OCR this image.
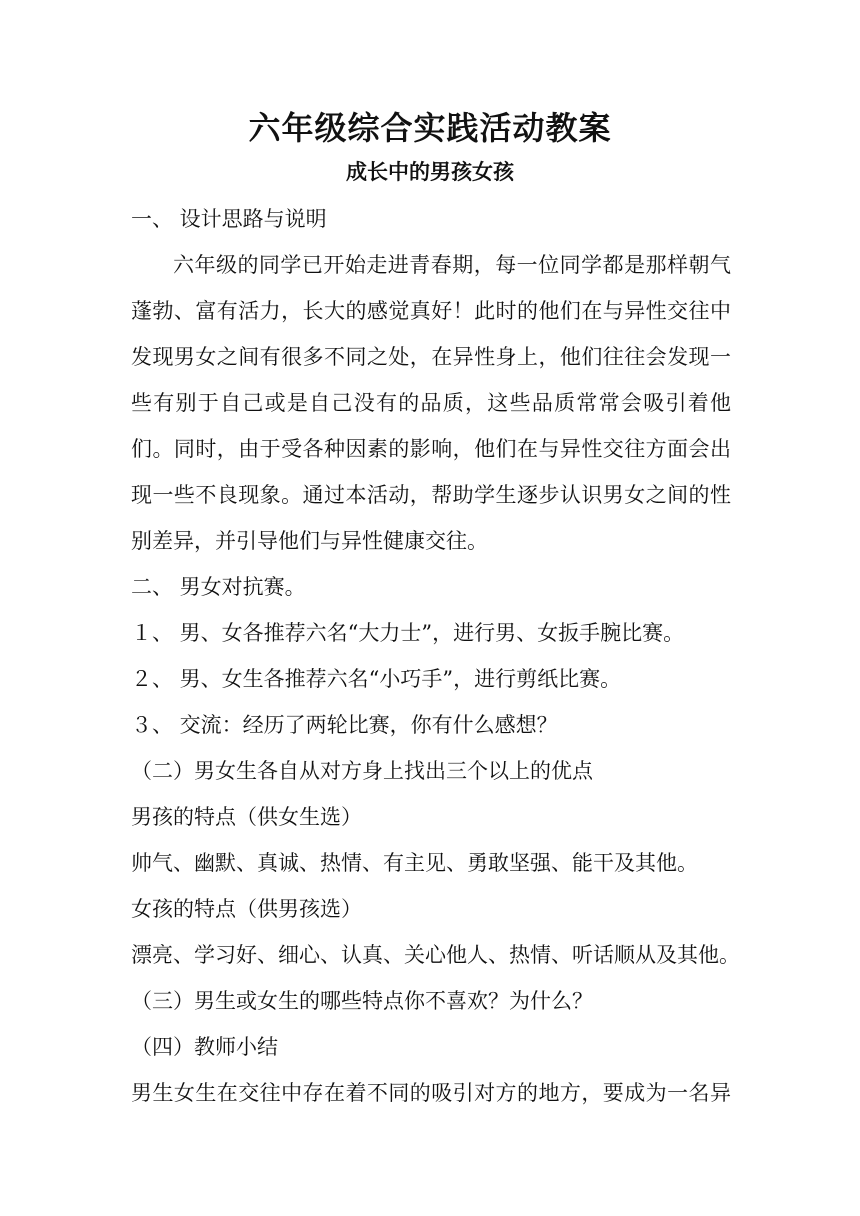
六年级综合实践活动教案
成长中的男孩女孩
一、 设计思路与说明
六年级的同学已开始走进青春期，每一位同学都是那样朝气
蓬勃、富有活力，长大的感觉真好！此时的他们在与异性交往中
发现男女之间有很多不同之处，在异性身上，他们往往会发现一
些有别于自己或是自己没有的品质，这些品质常常会吸引着他
们。同时，由于受各种因素的影响，他们在与异性交往方面会出
现一些不良现象。通过本活动，帮助学生逐步认识男女之间的性
别差异，并引导他们与异性健康交往。
二、 男女对抗赛。
１、 男、女各推荐六名“大力士”，进行男、女扳手腕比赛。
２、 男、女生各推荐六名“小巧手”，进行剪纸比赛。
３、 交流：经历了两轮比赛，你有什么感想？
（二）男女生各自从对方身上找出三个以上的优点
男孩的特点（供女生选）
帅气、幽默、真诚、热情、有主见、勇敢坚强、能干及其他。
女孩的特点（供男孩选）
漂亮、学习好、细心、认真、关心他人、热情、听话顺从及其他。
（三）男生或女生的哪些特点你不喜欢？为什么？
（四）教师小结
男生女生在交往中存在着不同的吸引对方的地方，要成为一名异
